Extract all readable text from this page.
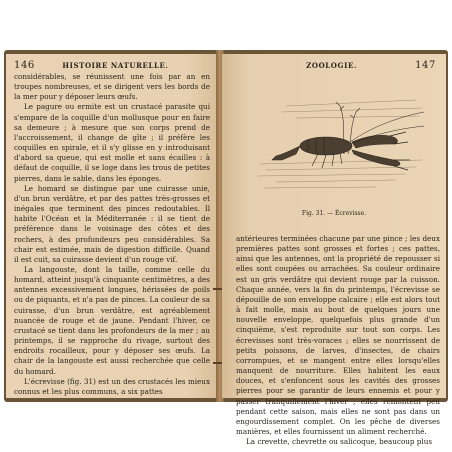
146	HISTOIRE NATURELLE.

considérables, se réunissent une fois par an en troupes nombreuses, et se dirigent vers les bords de la mer pour y déposer leurs œufs.

Le pagure ou ermite est un crustacé parasite qui s'empare de la coquille d'un mollusque pour en faire sa demeure ; à mesure que son corps prend de l'accroissement, il change de gîte ; il préfère les coquilles en spirale, et il s'y glisse en y introduisant d'abord sa queue, qui est molle et sans écailles : à défaut de coquille, il se loge dans les trous de petites pierres, dans le sable, dans les éponges.

Le homard se distingue par une cuirasse unie, d'un brun verdâtre, et par des pattes très-grosses et inégales que terminent des pinces redoutables. Il habite l'Océan et la Méditerranée : il se tient de préférence dans le voisinage des côtes et des rochers, à des profondeurs peu considérables. Sa chair est estimée, mais de digestion difficile. Quand il est cuit, sa cuirasse devient d'un rouge vif.

La langouste, dont la taille, comme celle du homard, atteint jusqu'à cinquante centimètres, a des antennes excessivement longues, hérissées de poils ou de piquants, et n'a pas de pinces. La couleur de sa cuirasse, d'un brun verdâtre, est agréablement nuancée de rouge et de jaune. Pendant l'hiver, ce crustacé se tient dans les profondeurs de la mer ; au printemps, il se rapproche du rivage, surtout des endroits rocailleux, pour y déposer ses œufs. La chair de la langouste est aussi recherchée que celle du homard.

L'écrevisse (fig. 31) est un des crustacés les mieux connus et les plus communs, a six pattes

ZOOLOGIE.	147
Fig. 31. — Écrevisse.

antérieures terminées chacune par une pince ; les deux premières pattes sont grosses et fortes ; ces pattes, ainsi que les antennes, ont la propriété de repousser si elles sont coupées ou arrachées. Sa couleur ordinaire est un gris verdâtre qui devient rouge par la cuisson. Chaque année, vers la fin du printemps, l'écrevisse se dépouille de son enveloppe calcaire ; elle est alors tout à fait molle, mais au bout de quelques jours une nouvelle enveloppe, quelquefois plus grande d'un cinquième, s'est reproduite sur tout son corps. Les écrevisses sont très-voraces ; elles se nourrissent de petits poissons, de larves, d'insectes, de chairs corrompues, et se mangent entre elles lorsqu'elles manquent de nourriture. Elles habitent les eaux douces, et s'enfoncent sous les cavités des grosses pierres pour se garantir de leurs ennemis et pour y passer tranquillement l'hiver ; elles remontent peu pendant cette saison, mais elles ne sont pas dans un engourdissement complet. On les pêche de diverses manières, et elles fournissent un aliment recherché.

La crevette, chevrette ou salicoque, beaucoup plus
